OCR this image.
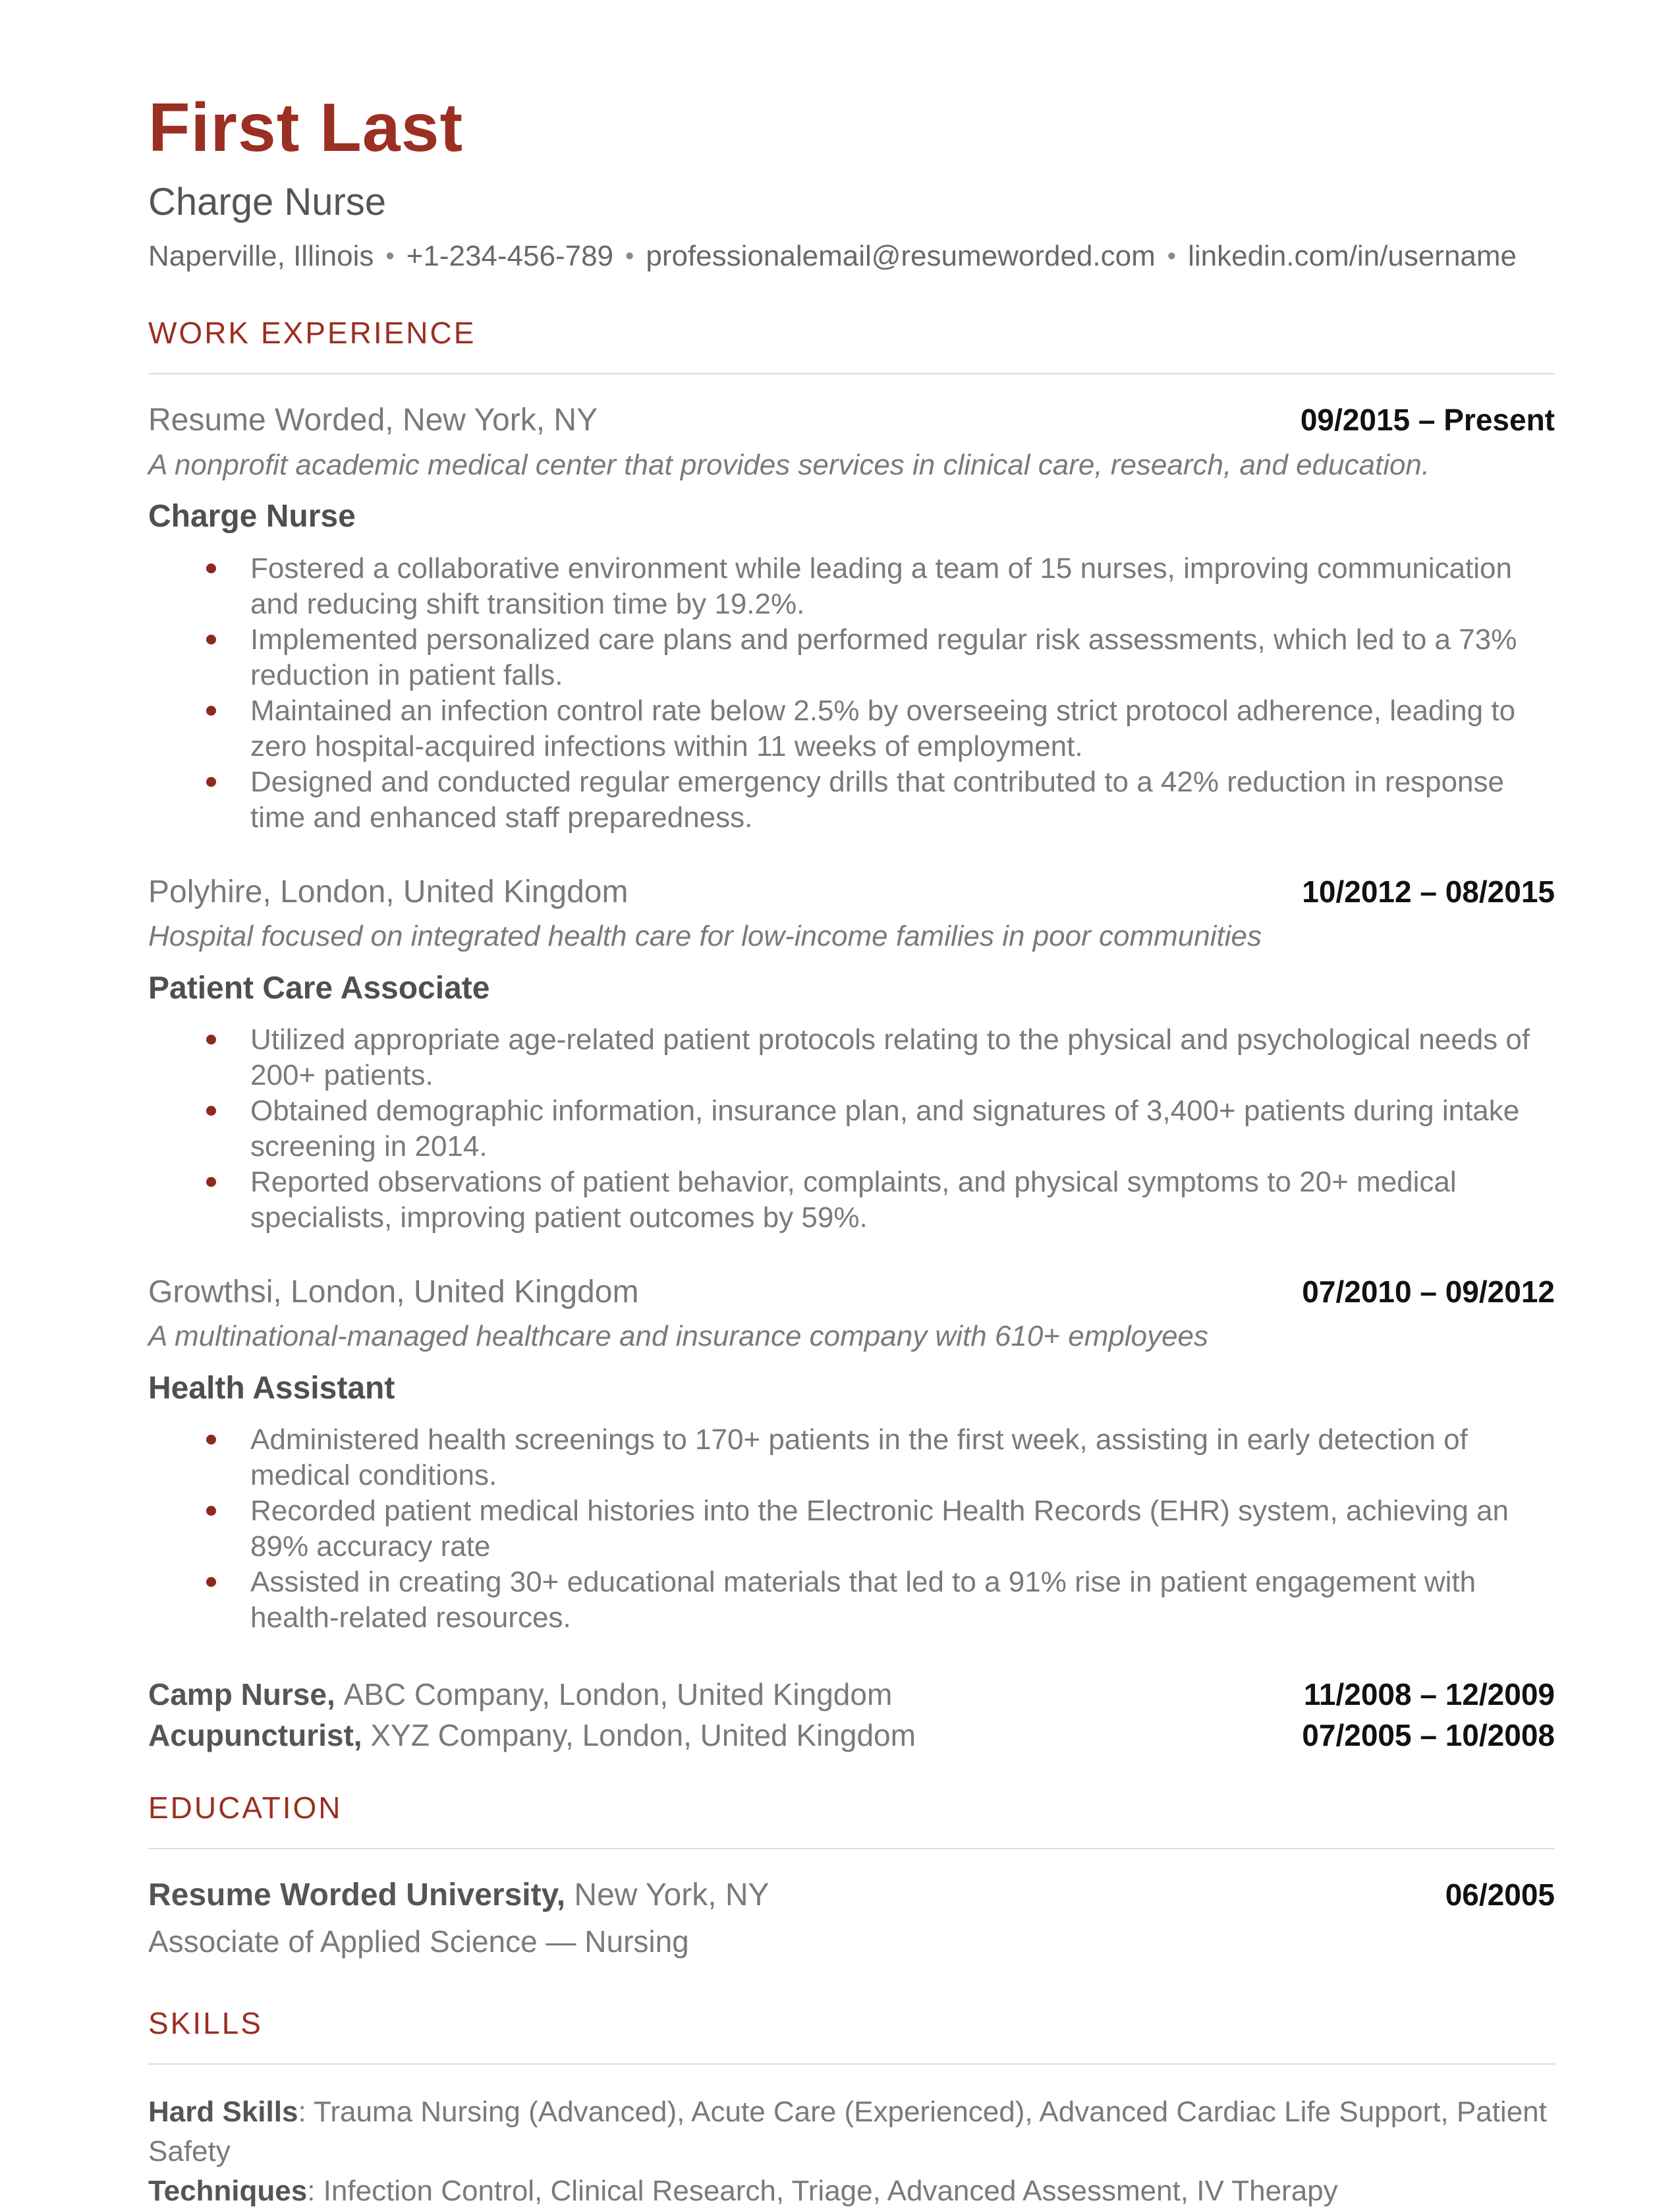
First Last
Charge Nurse
Naperville, Illinois • +1-234-456-789 • professionalemail@resumeworded.com • linkedin.com/in/username
WORK EXPERIENCE
Resume Worded, New York, NY	09/2015 – Present
A nonprofit academic medical center that provides services in clinical care, research, and education.
Charge Nurse
Fostered a collaborative environment while leading a team of 15 nurses, improving communication and reducing shift transition time by 19.2%.
Implemented personalized care plans and performed regular risk assessments, which led to a 73% reduction in patient falls.
Maintained an infection control rate below 2.5% by overseeing strict protocol adherence, leading to zero hospital-acquired infections within 11 weeks of employment.
Designed and conducted regular emergency drills that contributed to a 42% reduction in response time and enhanced staff preparedness.
Polyhire, London, United Kingdom	10/2012 – 08/2015
Hospital focused on integrated health care for low-income families in poor communities
Patient Care Associate
Utilized appropriate age-related patient protocols relating to the physical and psychological needs of 200+ patients.
Obtained demographic information, insurance plan, and signatures of 3,400+ patients during intake screening in 2014.
Reported observations of patient behavior, complaints, and physical symptoms to 20+ medical specialists, improving patient outcomes by 59%.
Growthsi, London, United Kingdom	07/2010 – 09/2012
A multinational-managed healthcare and insurance company with 610+ employees
Health Assistant
Administered health screenings to 170+ patients in the first week, assisting in early detection of medical conditions.
Recorded patient medical histories into the Electronic Health Records (EHR) system, achieving an 89% accuracy rate
Assisted in creating 30+ educational materials that led to a 91% rise in patient engagement with health-related resources.
Camp Nurse, ABC Company, London, United Kingdom	11/2008 – 12/2009
Acupuncturist, XYZ Company, London, United Kingdom	07/2005 – 10/2008
EDUCATION
Resume Worded University, New York, NY	06/2005
Associate of Applied Science — Nursing
SKILLS
Hard Skills: Trauma Nursing (Advanced), Acute Care (Experienced), Advanced Cardiac Life Support, Patient Safety
Techniques: Infection Control, Clinical Research, Triage, Advanced Assessment, IV Therapy
